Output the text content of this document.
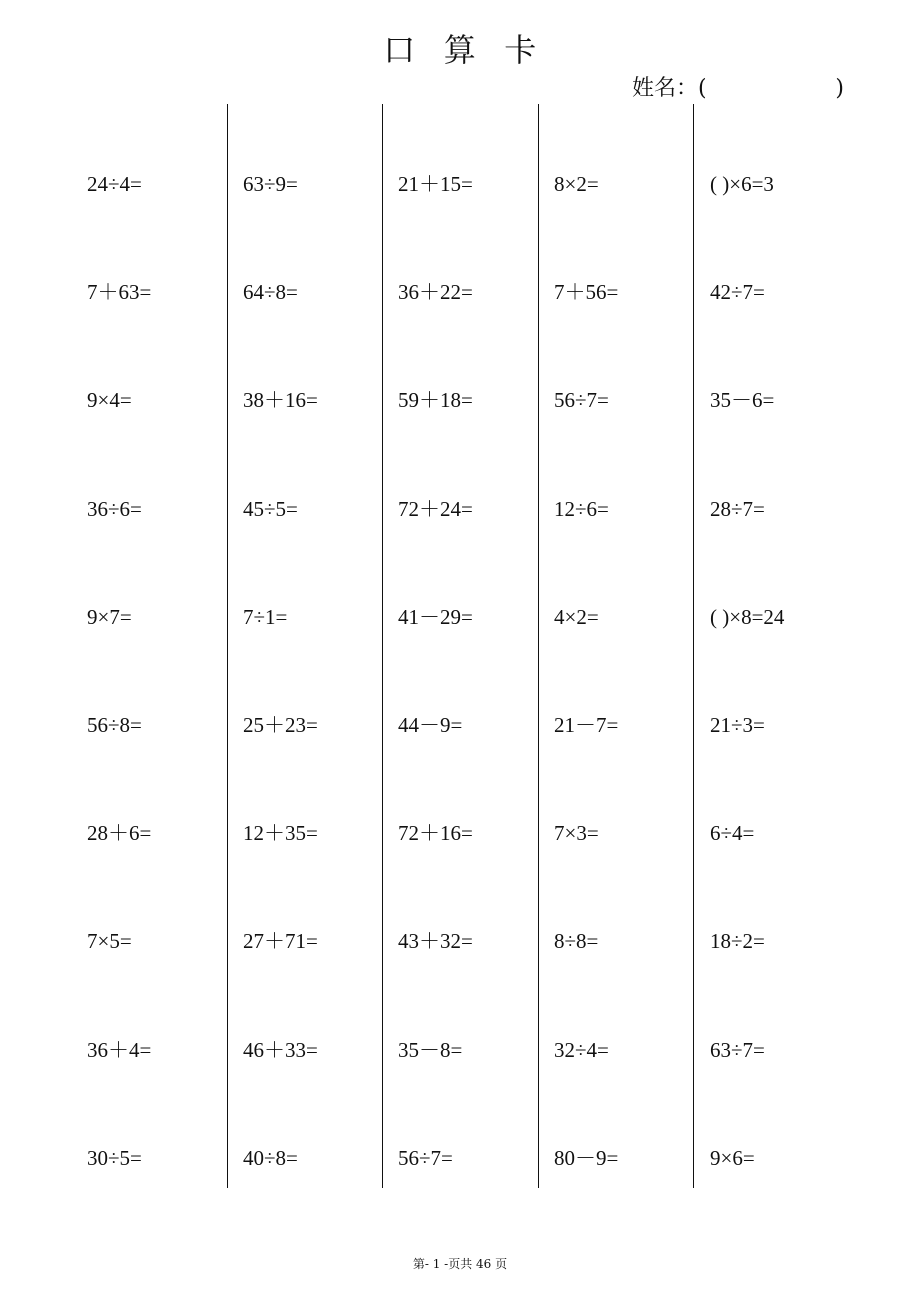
口 算 卡
姓名：(	)
24÷4=
7＋63=
9×4=
36÷6=
9×7=
56÷8=
28＋6=
7×5=
36＋4=
30÷5=
63÷9=
64÷8=
38＋16=
45÷5=
7÷1=
25＋23=
12＋35=
27＋71=
46＋33=
40÷8=
21＋15=
36＋22=
59＋18=
72＋24=
41－29=
44－9=
72＋16=
43＋32=
35－8=
56÷7=
8×2=
7＋56=
56÷7=
12÷6=
4×2=
21－7=
7×3=
8÷8=
32÷4=
80－9=
( )×6=3
42÷7=
35－6=
28÷7=
( )×8=24
21÷3=
6÷4=
18÷2=
63÷7=
9×6=
第- 1 -页共 46 页
